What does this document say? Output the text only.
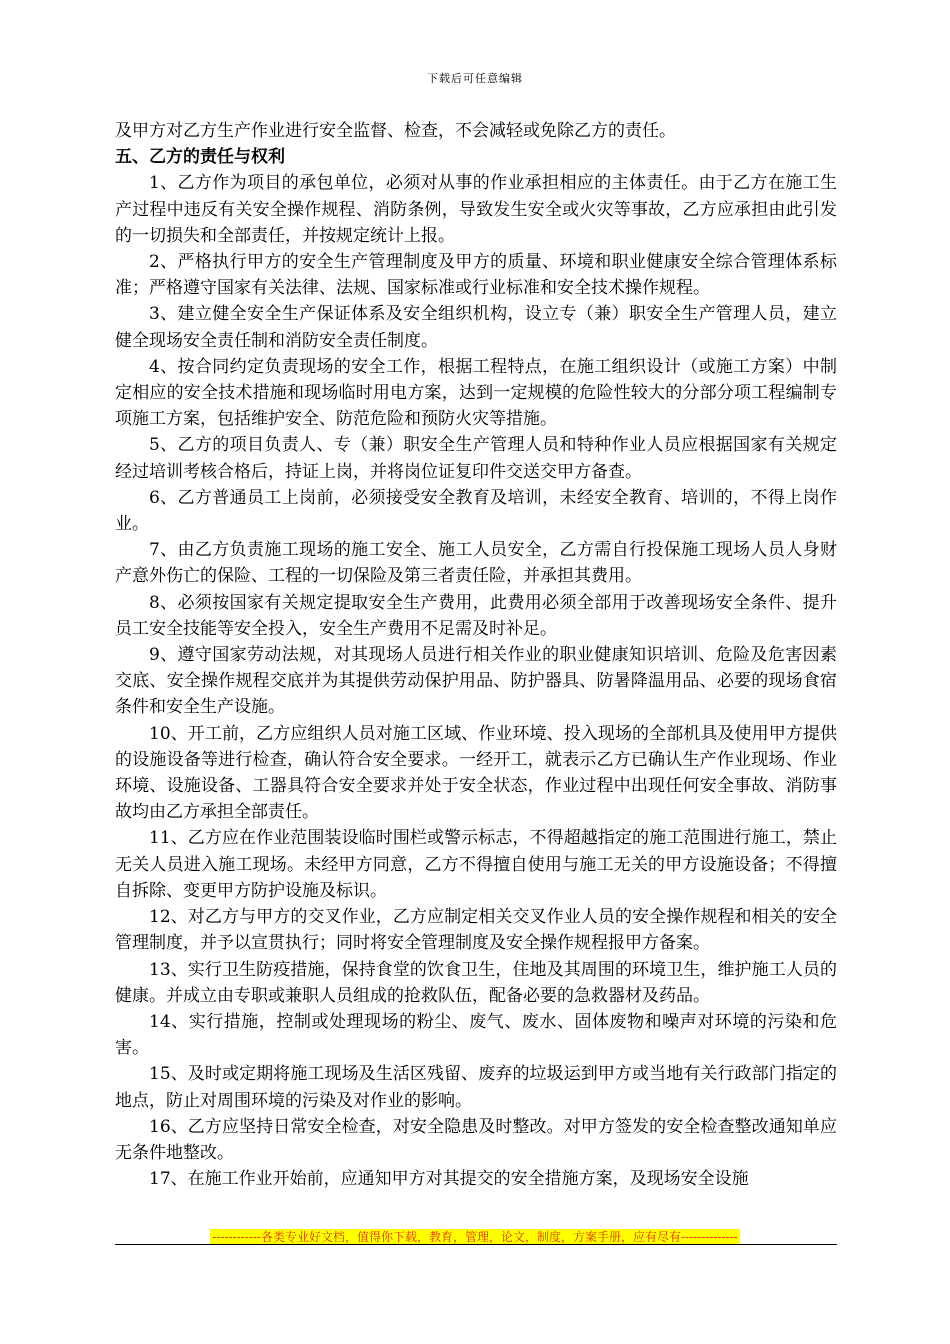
下载后可任意编辑

及甲方对乙方生产作业进行安全监督、检查，不会减轻或免除乙方的责任。

五、乙方的责任与权利

1、乙方作为项目的承包单位，必须对从事的作业承担相应的主体责任。由于乙方在施工生产过程中违反有关安全操作规程、消防条例，导致发生安全或火灾等事故，乙方应承担由此引发的一切损失和全部责任，并按规定统计上报。

2、严格执行甲方的安全生产管理制度及甲方的质量、环境和职业健康安全综合管理体系标准；严格遵守国家有关法律、法规、国家标准或行业标准和安全技术操作规程。

3、建立健全安全生产保证体系及安全组织机构，设立专（兼）职安全生产管理人员，建立健全现场安全责任制和消防安全责任制度。

4、按合同约定负责现场的安全工作，根据工程特点，在施工组织设计（或施工方案）中制定相应的安全技术措施和现场临时用电方案，达到一定规模的危险性较大的分部分项工程编制专项施工方案，包括维护安全、防范危险和预防火灾等措施。

5、乙方的项目负责人、专（兼）职安全生产管理人员和特种作业人员应根据国家有关规定经过培训考核合格后，持证上岗，并将岗位证复印件交送交甲方备查。

6、乙方普通员工上岗前，必须接受安全教育及培训，未经安全教育、培训的，不得上岗作业。

7、由乙方负责施工现场的施工安全、施工人员安全，乙方需自行投保施工现场人员人身财产意外伤亡的保险、工程的一切保险及第三者责任险，并承担其费用。

8、必须按国家有关规定提取安全生产费用，此费用必须全部用于改善现场安全条件、提升员工安全技能等安全投入，安全生产费用不足需及时补足。

9、遵守国家劳动法规，对其现场人员进行相关作业的职业健康知识培训、危险及危害因素交底、安全操作规程交底并为其提供劳动保护用品、防护器具、防暑降温用品、必要的现场食宿条件和安全生产设施。

10、开工前，乙方应组织人员对施工区域、作业环境、投入现场的全部机具及使用甲方提供的设施设备等进行检查，确认符合安全要求。一经开工，就表示乙方已确认生产作业现场、作业环境、设施设备、工器具符合安全要求并处于安全状态，作业过程中出现任何安全事故、消防事故均由乙方承担全部责任。

11、乙方应在作业范围装设临时围栏或警示标志，不得超越指定的施工范围进行施工，禁止无关人员进入施工现场。未经甲方同意，乙方不得擅自使用与施工无关的甲方设施设备；不得擅自拆除、变更甲方防护设施及标识。

12、对乙方与甲方的交叉作业，乙方应制定相关交叉作业人员的安全操作规程和相关的安全管理制度，并予以宣贯执行；同时将安全管理制度及安全操作规程报甲方备案。

13、实行卫生防疫措施，保持食堂的饮食卫生，住地及其周围的环境卫生，维护施工人员的健康。并成立由专职或兼职人员组成的抢救队伍，配备必要的急救器材及药品。

14、实行措施，控制或处理现场的粉尘、废气、废水、固体废物和噪声对环境的污染和危害。

15、及时或定期将施工现场及生活区残留、废弃的垃圾运到甲方或当地有关行政部门指定的地点，防止对周围环境的污染及对作业的影响。

16、乙方应坚持日常安全检查，对安全隐患及时整改。对甲方签发的安全检查整改通知单应无条件地整改。

17、在施工作业开始前，应通知甲方对其提交的安全措施方案，及现场安全设施

------------各类专业好文档，值得你下载，教育，管理，论文，制度，方案手册，应有尽有--------------
